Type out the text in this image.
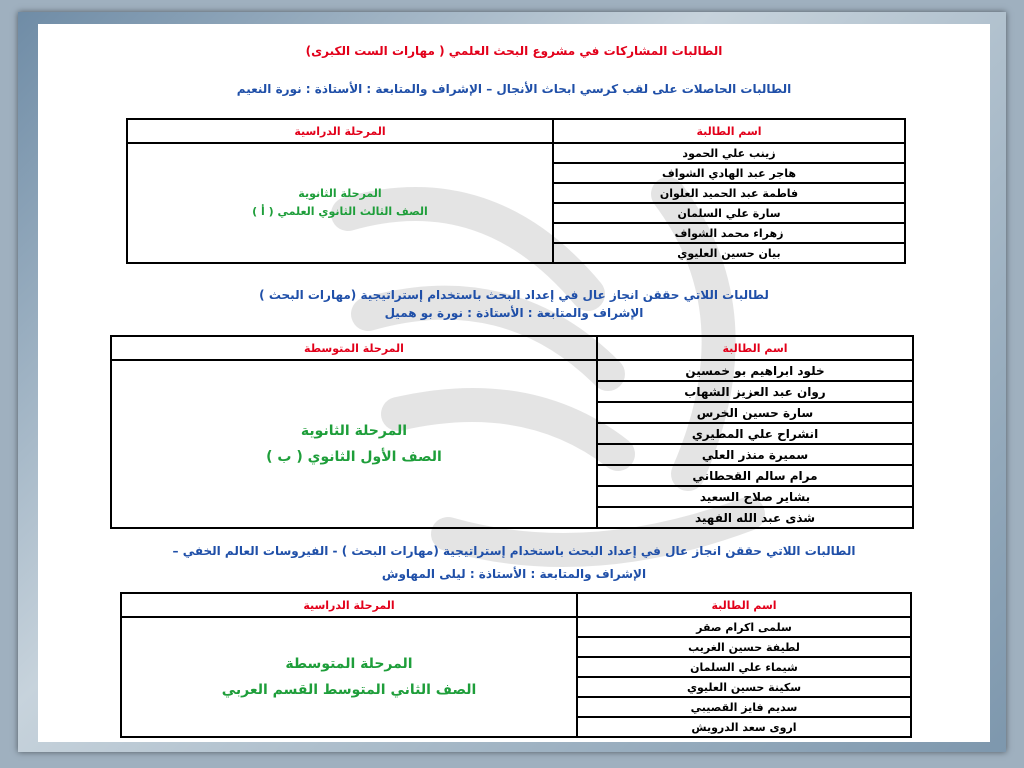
الطالبات المشاركات في مشروع البحث العلمي ( مهارات الست الكبرى)
الطالبات الحاصلات على لقب كرسي ابحاث الأنجال – الإشراف والمتابعة : الأستاذة : نورة النعيم
اسم الطالبة	المرحلة الدراسية
زينب علي الحمود	المرحلة الثانوية
الصف الثالث الثانوي العلمي ( أ )

هاجر عبد الهادي الشواف	
فاطمة عبد الحميد العلوان	
سارة علي السلمان	
زهراء محمد الشواف	
بيان حسين العليوي	
لطالبات اللاتي حققن انجاز عال في إعداد البحث باستخدام إستراتيجية (مهارات البحث )
الإشراف والمتابعة : الأستاذة : نورة بو هميل
اسم الطالبة	المرحلة المتوسطة
خلود ابراهيم بو خمسين	المرحلة الثانوية
الصف الأول الثانوي ( ب )

روان عبد العزيز الشهاب	
سارة حسين الخرس	
انشراح علي المطيري	
سميرة منذر العلي	
مرام سالم القحطاني	
بشاير صلاح السعيد	
شذى عبد الله الفهيد	
الطالبات اللاتي حققن انجاز عال في إعداد البحث باستخدام إستراتيجية (مهارات البحث ) - الفيروسات العالم الخفي –
الإشراف والمتابعة : الأستاذة : ليلى المهاوش
اسم الطالبة	المرحلة الدراسية
سلمى اكرام صقر	المرحلة المتوسطة
الصف الثاني المتوسط القسم العربي

لطيفة حسين الغريب	
شيماء علي السلمان	
سكينة حسين العليوي	
سديم فايز القصيبي	
اروى سعد الدرويش	
